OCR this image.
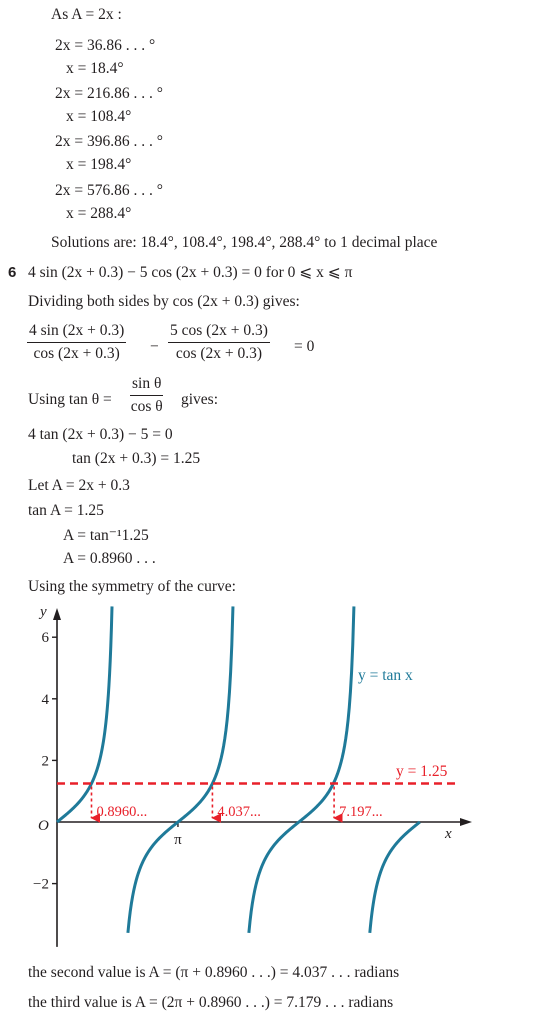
As A = 2x :
2x = 36.86 . . . °
x = 18.4°
2x = 216.86 . . . °
x = 108.4°
2x = 396.86 . . . °
x = 198.4°
2x = 576.86 . . . °
x = 288.4°
Solutions are: 18.4°, 108.4°, 198.4°, 288.4° to 1 decimal place
6 4 sin (2x + 0.3) − 5 cos (2x + 0.3) = 0 for 0 ⩽ x ⩽ π
Dividing both sides by cos (2x + 0.3) gives:
$\frac{4 \sin (2x + 0.3)}{\cos (2x + 0.3)} - \frac{5 \cos (2x + 0.3)}{\cos (2x + 0.3)} = 0$
Using $\tan \theta = \frac{\text{sin θ}}{\text{cos θ}}$ gives:
4 tan (2x + 0.3) − 5 = 0
tan (2x + 0.3) = 1.25
Let A = 2x + 0.3
tan A = 1.25
A = tan⁻¹1.25
A = 0.8960 . . .
Using the symmetry of the curve:
y
x
O
6
4
2
−2
π
y = tan x
y = 1.25
0.8960...	4.037...	7.197...
the second value is A = (π + 0.8960 . . .) = 4.037 . . . radians
the third value is A = (2π + 0.8960 . . .) = 7.179 . . . radians
